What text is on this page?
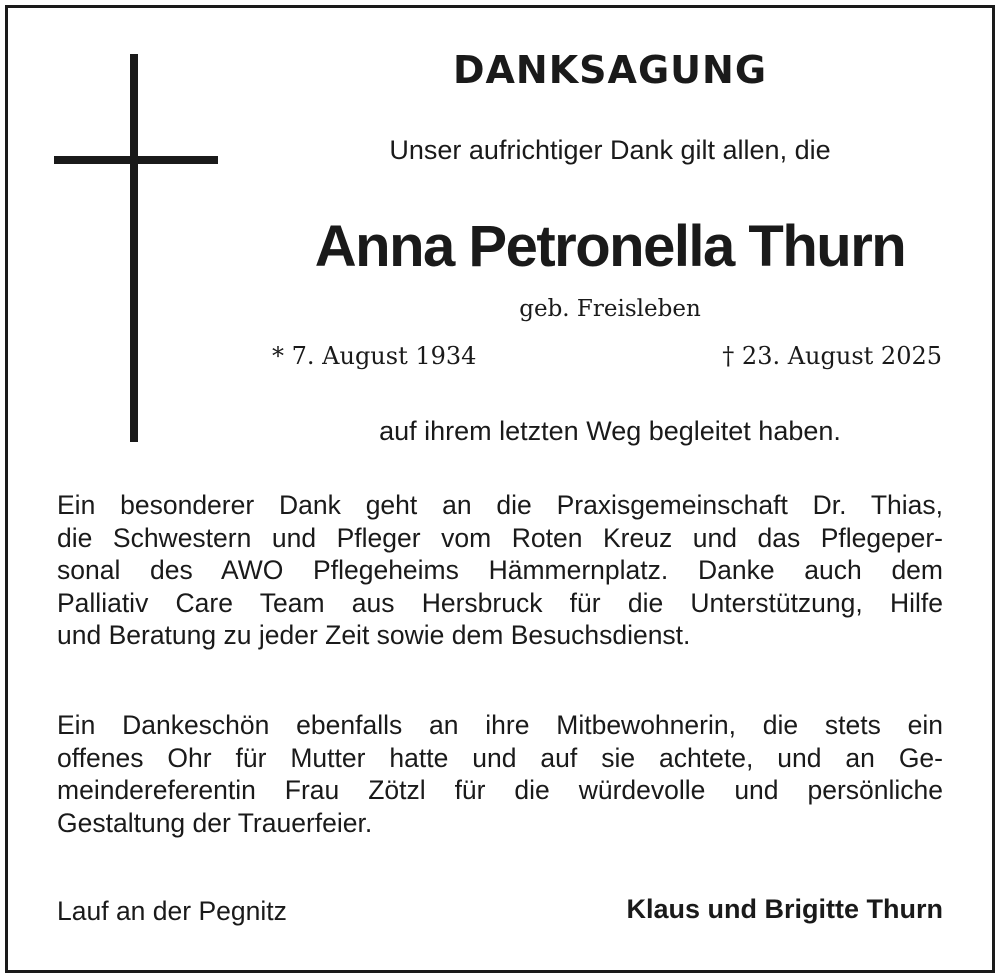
DANKSAGUNG
Unser aufrichtiger Dank gilt allen, die
Anna Petronella Thurn
geb. Freisleben
* 7. August 1934	† 23. August 2025
auf ihrem letzten Weg begleitet haben.
Ein besonderer Dank geht an die Praxisgemeinschaft Dr. Thias,
die Schwestern und Pfleger vom Roten Kreuz und das Pflegeper-
sonal des AWO Pflegeheims Hämmernplatz. Danke auch dem
Palliativ Care Team aus Hersbruck für die Unterstützung, Hilfe
und Beratung zu jeder Zeit sowie dem Besuchsdienst.
Ein Dankeschön ebenfalls an ihre Mitbewohnerin, die stets ein
offenes Ohr für Mutter hatte und auf sie achtete, und an Ge-
meindereferentin Frau Zötzl für die würdevolle und persönliche
Gestaltung der Trauerfeier.
Lauf an der Pegnitz	Klaus und Brigitte Thurn
